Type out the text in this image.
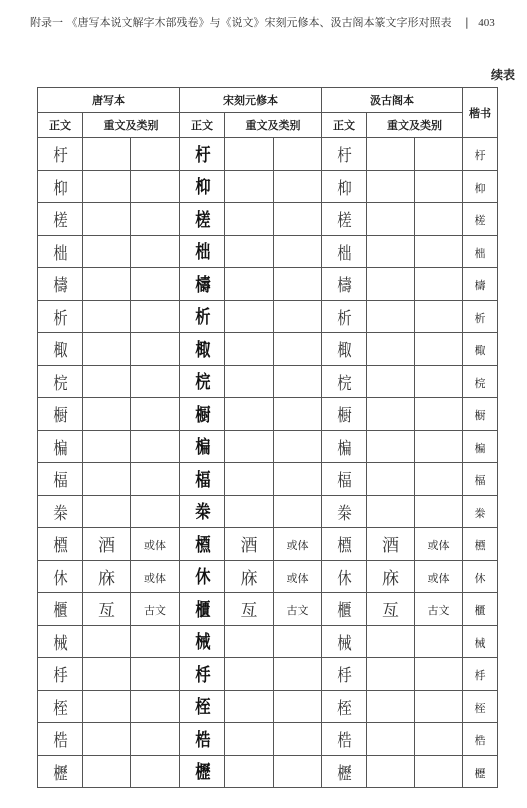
附录一 《唐写本说文解字木部残卷》与《说文》宋刻元修本、汲古阁本篆文字形对照表 | 403
续表
唐写本			宋刻元修本			汲古阁本			楷书
正文	重文及类别		正文	重文及类别		正文	重文及类别		
杅			杅			杅			杅
枊			枊			枊			枊
槎			槎			槎			槎
柮			柮			柮			柮
檮			檮			檮			檮
析			析			析			析
棷			棷			棷			棷
梡			梡			梡			梡
橱			橱			橱			橱
楄			楄			楄			楄
楅			楅			楅			楅
桊			桊			桊			桊
槱	酒	或体	槱	酒	或体	槱	酒	或体	槱
休	庥	或体	休	庥	或体	休	庥	或体	休
櫃	亙	古文	櫃	亙	古文	櫃	亙	古文	櫃
械			械			械			械
杽			杽			杽			杽
桎			桎			桎			桎
梏			梏			梏			梏
櫪			櫪			櫪			櫪
